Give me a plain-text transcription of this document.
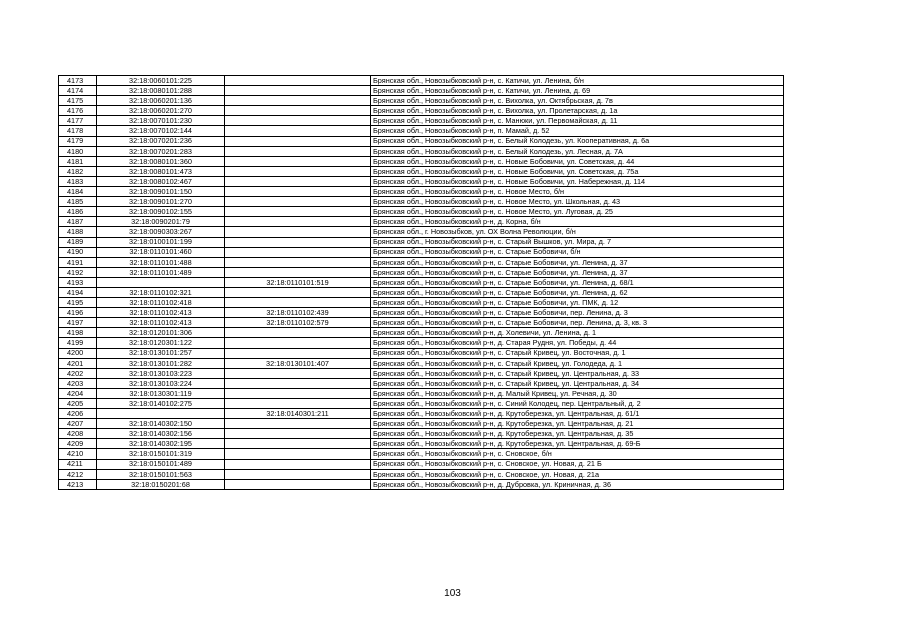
4173	32:18:0060101:225		Брянская обл., Новозыбковский р-н, с. Катичи, ул. Ленина, б/н
4174	32:18:0080101:288		Брянская обл., Новозыбковский р-н, с. Катичи, ул. Ленина, д. 69
4175	32:18:0060201:136		Брянская обл., Новозыбковский р-н, с. Вихолка, ул. Октябрьская, д. 7в
4176	32:18:0060201:270		Брянская обл., Новозыбковский р-н, с. Вихолка, ул. Пролетарская, д. 1а
4177	32:18:0070101:230		Брянская обл., Новозыбковский р-н, с. Манюки, ул. Первомайская, д. 11
4178	32:18:0070102:144		Брянская обл., Новозыбковский р-н, п. Мамай, д. 52
4179	32:18:0070201:236		Брянская обл., Новозыбковский р-н, с. Белый Колодезь, ул. Кооперативная, д. 6а
4180	32:18:0070201:283		Брянская обл., Новозыбковский р-н, с. Белый Колодезь, ул. Лесная, д. 7А
4181	32:18:0080101:360		Брянская обл., Новозыбковский р-н, с. Новые Бобовичи, ул. Советская, д. 44
4182	32:18:0080101:473		Брянская обл., Новозыбковский р-н, с. Новые Бобовичи, ул. Советская, д. 75а
4183	32:18:0080102:467		Брянская обл., Новозыбковский р-н, с. Новые Бобовичи, ул. Набережная, д. 114
4184	32:18:0090101:150		Брянская обл., Новозыбковский р-н, с. Новое Место, б/н
4185	32:18:0090101:270		Брянская обл., Новозыбковский р-н, с. Новое Место, ул. Школьная, д. 43
4186	32:18:0090102:155		Брянская обл., Новозыбковский р-н, с. Новое Место, ул. Луговая, д. 25
4187	32:18:0090201:79		Брянская обл., Новозыбковский р-н, д. Корна, б/н
4188	32:18:0090303:267		Брянская обл., г. Новозыбков, ул. ОХ Волна Революции, б/н
4189	32:18:0100101:199		Брянская обл., Новозыбковский р-н, с. Старый Вышков, ул. Мира, д. 7
4190	32:18:0110101:460		Брянская обл., Новозыбковский р-н, с. Старые Бобовичи, б/н
4191	32:18:0110101:488		Брянская обл., Новозыбковский р-н, с. Старые Бобовичи, ул. Ленина, д. 37
4192	32:18:0110101:489		Брянская обл., Новозыбковский р-н, с. Старые Бобовичи, ул. Ленина, д. 37
4193		32:18:0110101:519	Брянская обл., Новозыбковский р-н, с. Старые Бобовичи, ул. Ленина, д. 68/1
4194	32:18:0110102:321		Брянская обл., Новозыбковский р-н, с. Старые Бобовичи, ул. Ленина, д. 62
4195	32:18:0110102:418		Брянская обл., Новозыбковский р-н, с. Старые Бобовичи, ул. ПМК, д. 12
4196	32:18:0110102:413	32:18:0110102:439	Брянская обл., Новозыбковский р-н, с. Старые Бобовичи, пер. Ленина, д. 3
4197	32:18:0110102:413	32:18:0110102:579	Брянская обл., Новозыбковский р-н, с. Старые Бобовичи, пер. Ленина, д. 3, кв. 3
4198	32:18:0120101:306		Брянская обл., Новозыбковский р-н, д. Холевичи, ул. Ленина, д. 1
4199	32:18:0120301:122		Брянская обл., Новозыбковский р-н, д. Старая Рудня, ул. Победы, д. 44
4200	32:18:0130101:257		Брянская обл., Новозыбковский р-н, с. Старый Кривец, ул. Восточная, д. 1
4201	32:18:0130101:282	32:18:0130101:407	Брянская обл., Новозыбковский р-н, с. Старый Кривец, ул. Голодеда, д. 1
4202	32:18:0130103:223		Брянская обл., Новозыбковский р-н, с. Старый Кривец, ул. Центральная, д. 33
4203	32:18:0130103:224		Брянская обл., Новозыбковский р-н, с. Старый Кривец, ул. Центральная, д. 34
4204	32:18:0130301:119		Брянская обл., Новозыбковский р-н, д. Малый Кривец, ул. Речная, д. 30
4205	32:18:0140102:275		Брянская обл., Новозыбковский р-н, с. Синий Колодец, пер. Центральный, д. 2
4206		32:18:0140301:211	Брянская обл., Новозыбковский р-н, д. Крутоберезка, ул. Центральная, д. 61/1
4207	32:18:0140302:150		Брянская обл., Новозыбковский р-н, д. Крутоберезка, ул. Центральная, д. 21
4208	32:18:0140302:156		Брянская обл., Новозыбковский р-н, д. Крутоберезка, ул. Центральная, д. 35
4209	32:18:0140302:195		Брянская обл., Новозыбковский р-н, д. Крутоберезка, ул. Центральная, д. 69-Б
4210	32:18:0150101:319		Брянская обл., Новозыбковский р-н, с. Сновское, б/н
4211	32:18:0150101:489		Брянская обл., Новозыбковский р-н, с. Сновское, ул. Новая, д. 21 Б
4212	32:18:0150101:563		Брянская обл., Новозыбковский р-н, с. Сновское, ул. Новая, д. 21а
4213	32:18:0150201:68		Брянская обл., Новозыбковский р-н, д. Дубровка, ул. Криничная, д. 36
103
